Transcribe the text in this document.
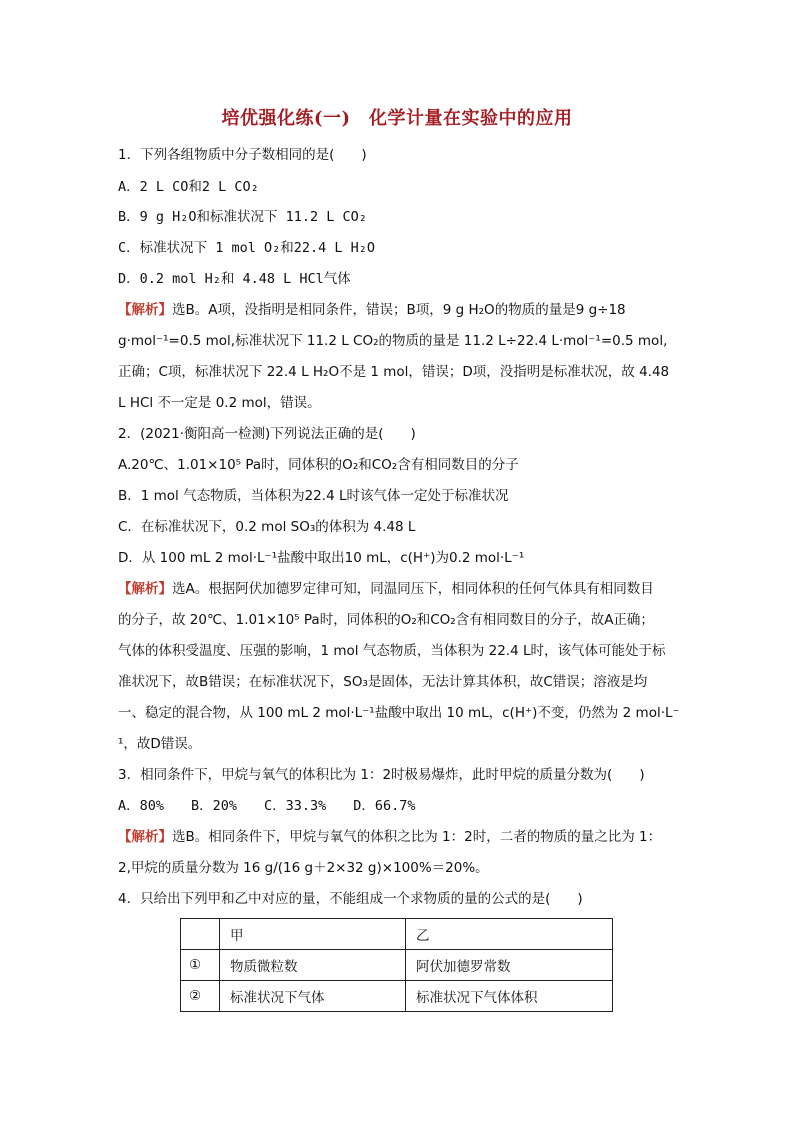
培优强化练(一)　化学计量在实验中的应用
1．下列各组物质中分子数相同的是(　　)
A．2 L CO和2 L CO₂
B．9 g H₂O和标准状况下 11.2 L CO₂
C．标准状况下 1 mol O₂和22.4 L H₂O
D．0.2 mol H₂和 4.48 L HCl气体
【解析】选B。A项，没指明是相同条件，错误；B项，9 g H₂O的物质的量是9 g÷18
g·mol⁻¹=0.5 mol,标准状况下 11.2 L CO₂的物质的量是 11.2 L÷22.4 L·mol⁻¹=0.5 mol,
正确；C项，标准状况下 22.4 L H₂O不是 1 mol，错误；D项，没指明是标准状况，故 4.48
L HCl 不一定是 0.2 mol，错误。
2．(2021·衡阳高一检测)下列说法正确的是(　　)
A.20℃、1.01×10⁵ Pa时，同体积的O₂和CO₂含有相同数目的分子
B．1 mol 气态物质，当体积为22.4 L时该气体一定处于标准状况
C．在标准状况下，0.2 mol SO₃的体积为 4.48 L
D．从 100 mL 2 mol·L⁻¹盐酸中取出10 mL，c(H⁺)为0.2 mol·L⁻¹
【解析】选A。根据阿伏加德罗定律可知，同温同压下，相同体积的任何气体具有相同数目
的分子，故 20℃、1.01×10⁵ Pa时，同体积的O₂和CO₂含有相同数目的分子，故A正确；
气体的体积受温度、压强的影响，1 mol 气态物质，当体积为 22.4 L时，该气体可能处于标
准状况下，故B错误；在标准状况下，SO₃是固体，无法计算其体积，故C错误；溶液是均
一、稳定的混合物，从 100 mL 2 mol·L⁻¹盐酸中取出 10 mL，c(H⁺)不变，仍然为 2 mol·L⁻
¹，故D错误。
3．相同条件下，甲烷与氧气的体积比为 1：2时极易爆炸，此时甲烷的质量分数为(　　)
A．80%　　B．20%　　C．33.3%　　D．66.7%
【解析】选B。相同条件下，甲烷与氧气的体积之比为 1：2时，二者的物质的量之比为 1：
2,甲烷的质量分数为 16 g/(16 g＋2×32 g)×100%＝20%。
4．只给出下列甲和乙中对应的量，不能组成一个求物质的量的公式的是(　　)
	甲	乙
①	物质微粒数	阿伏加德罗常数
②	标准状况下气体	标准状况下气体体积
